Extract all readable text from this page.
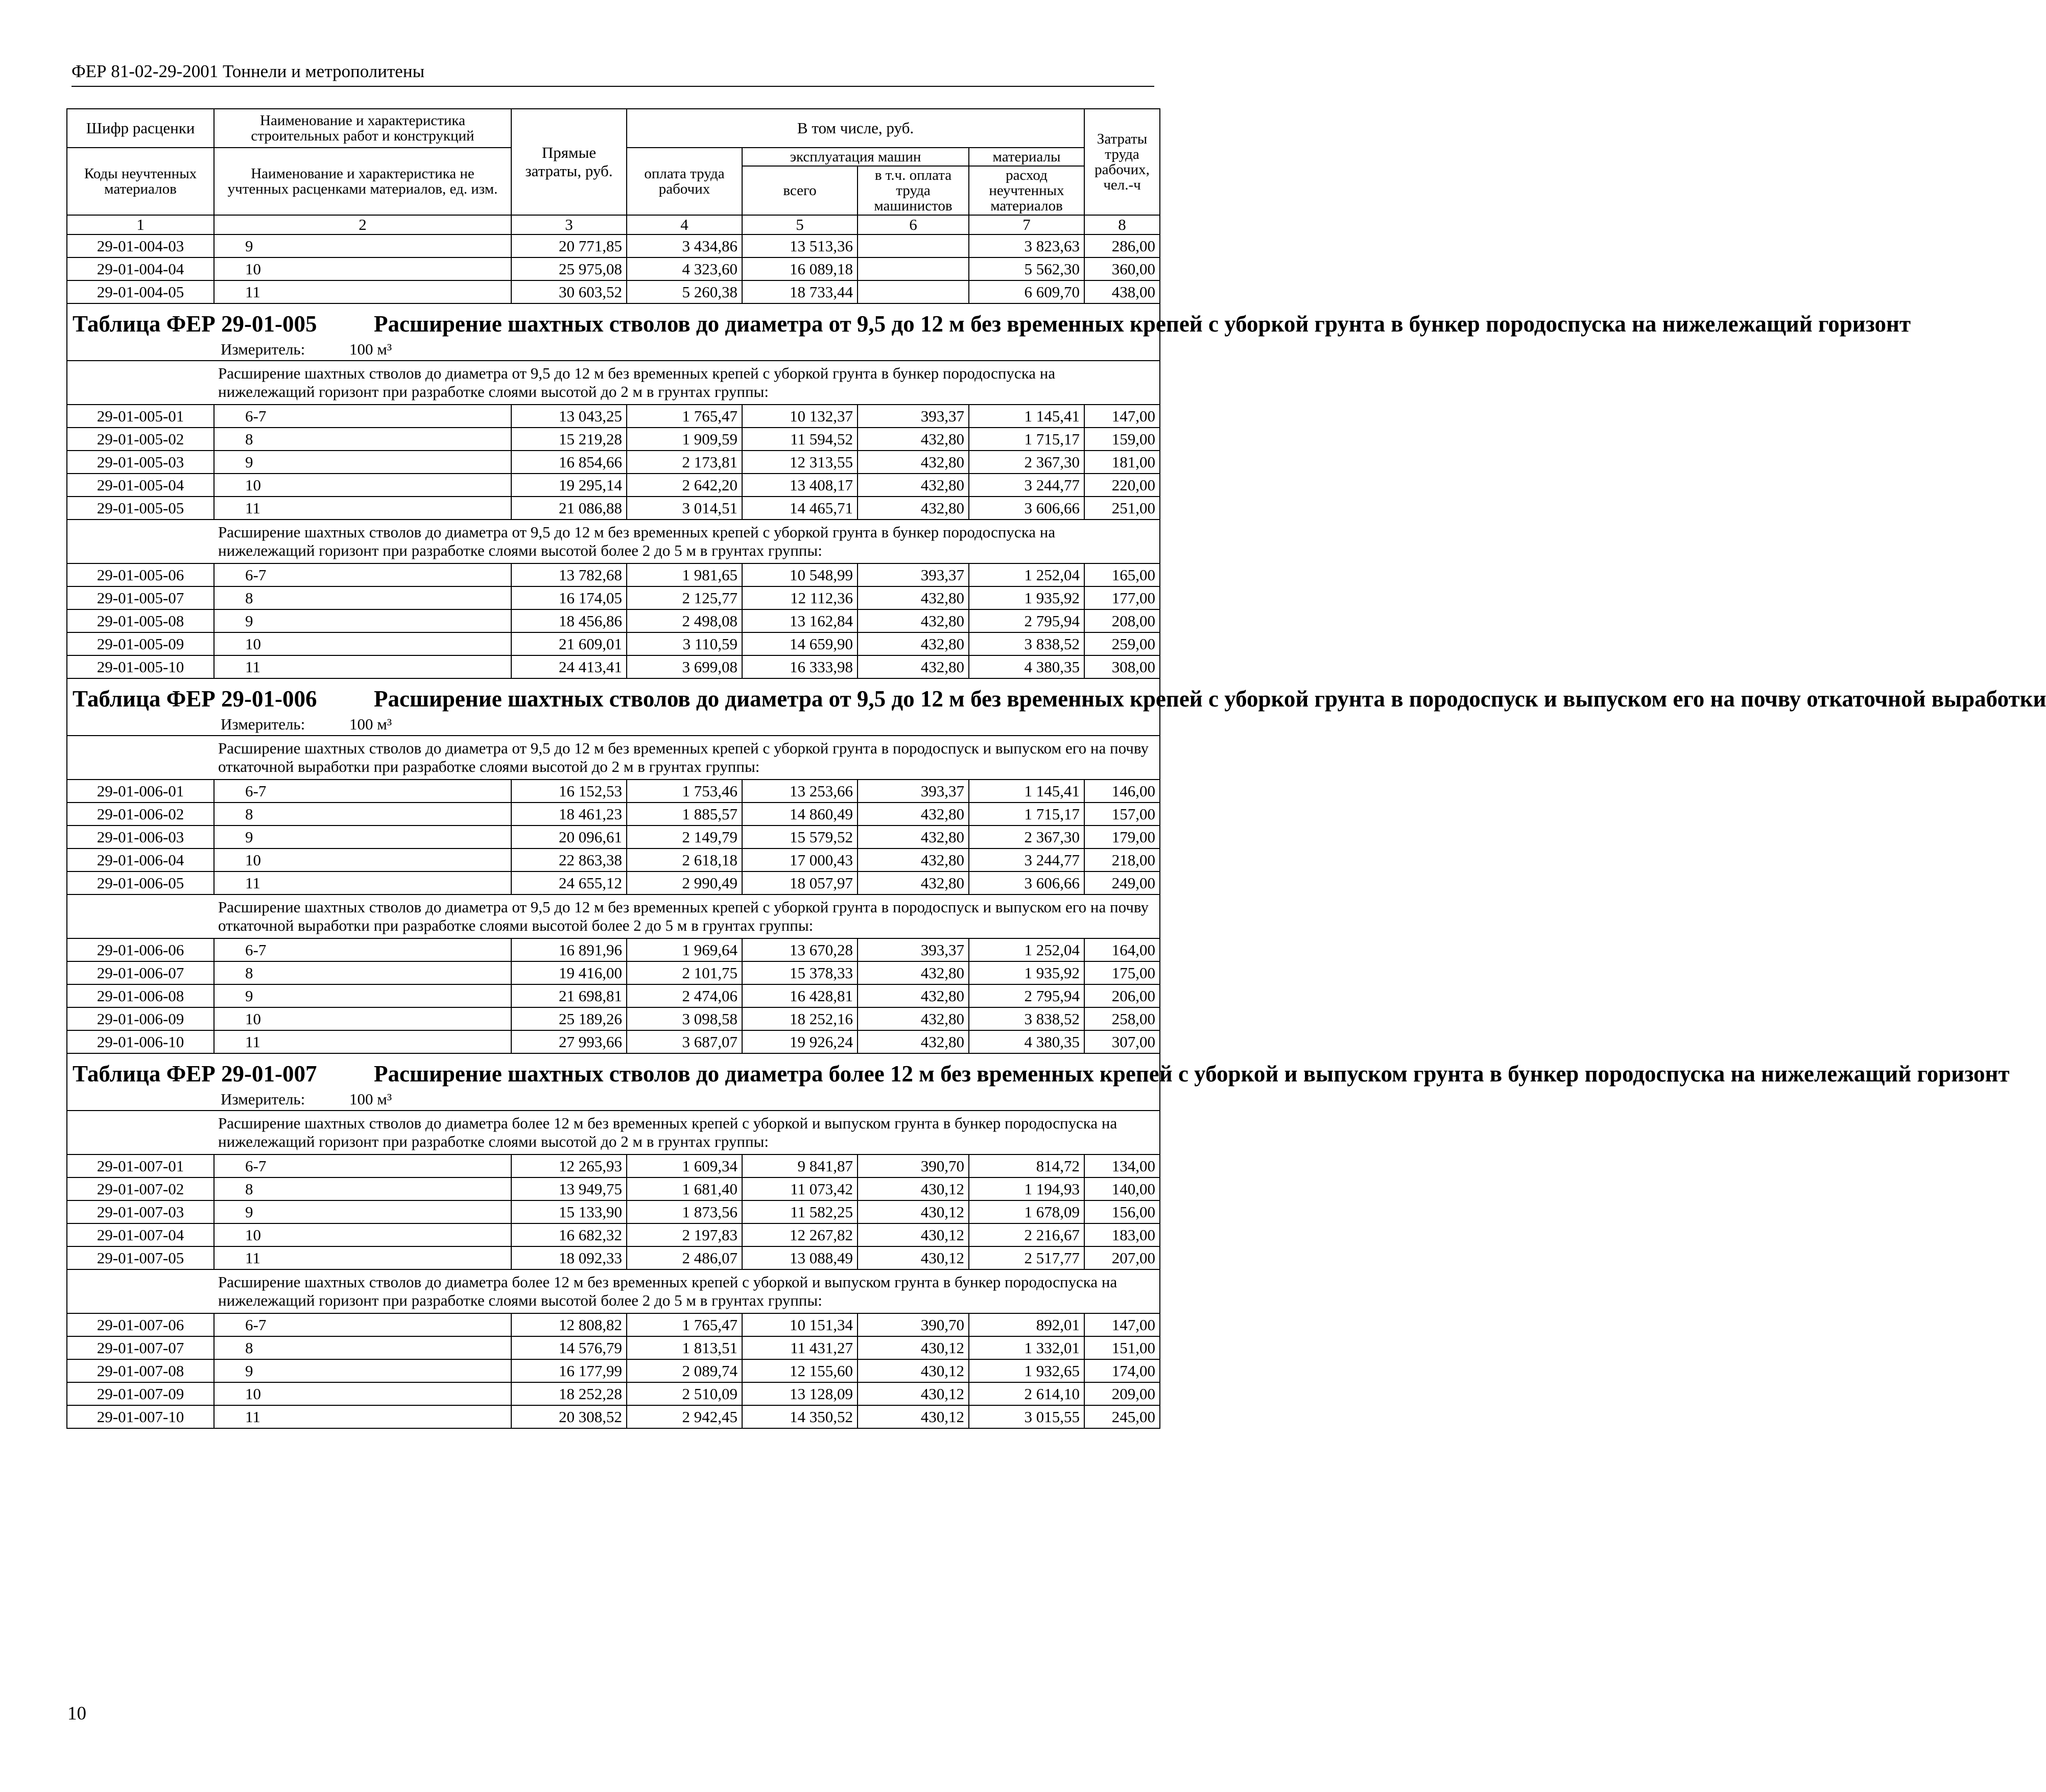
ФЕР 81-02-29-2001 Тоннели и метрополитены
Шифр расценки	Наименование и характеристика строительных работ и конструкций	Прямые затраты, руб.	В том числе, руб.				Затраты труда рабочих, чел.-ч
Коды неучтенных материалов	Наименование и характеристика не учтенных расценками материалов, ед. изм.		оплата труда рабочих	эксплуатация машин		материалы	
				всего	в т.ч. оплата труда машинистов	расход неучтенных материалов	
1	2	3	4	5	6	7	8
29-01-004-03	9	20 771,85	3 434,86	13 513,36		3 823,63	286,00
29-01-004-04	10	25 975,08	4 323,60	16 089,18		5 562,30	360,00
29-01-004-05	11	30 603,52	5 260,38	18 733,44		6 609,70	438,00

Таблица ФЕР 29-01-005 Расширение шахтных стволов до диаметра от 9,5 до 12 м без временных крепей с уборкой грунта в бункер породоспуска на нижележащий горизонт							

Измеритель: 100 м³							
	Расширение шахтных стволов до диаметра от 9,5 до 12 м без временных крепей с уборкой грунта в бункер породоспуска на нижележащий горизонт при разработке слоями высотой до 2 м в грунтах группы:						
29-01-005-01	6-7	13 043,25	1 765,47	10 132,37	393,37	1 145,41	147,00
29-01-005-02	8	15 219,28	1 909,59	11 594,52	432,80	1 715,17	159,00
29-01-005-03	9	16 854,66	2 173,81	12 313,55	432,80	2 367,30	181,00
29-01-005-04	10	19 295,14	2 642,20	13 408,17	432,80	3 244,77	220,00
29-01-005-05	11	21 086,88	3 014,51	14 465,71	432,80	3 606,66	251,00
	Расширение шахтных стволов до диаметра от 9,5 до 12 м без временных крепей с уборкой грунта в бункер породоспуска на нижележащий горизонт при разработке слоями высотой более 2 до 5 м в грунтах группы:						
29-01-005-06	6-7	13 782,68	1 981,65	10 548,99	393,37	1 252,04	165,00
29-01-005-07	8	16 174,05	2 125,77	12 112,36	432,80	1 935,92	177,00
29-01-005-08	9	18 456,86	2 498,08	13 162,84	432,80	2 795,94	208,00
29-01-005-09	10	21 609,01	3 110,59	14 659,90	432,80	3 838,52	259,00
29-01-005-10	11	24 413,41	3 699,08	16 333,98	432,80	4 380,35	308,00

Таблица ФЕР 29-01-006 Расширение шахтных стволов до диаметра от 9,5 до 12 м без временных крепей с уборкой грунта в породоспуск и выпуском его на почву откаточной выработки							

Измеритель: 100 м³							
	Расширение шахтных стволов до диаметра от 9,5 до 12 м без временных крепей с уборкой грунта в породоспуск и выпуском его на почву откаточной выработки при разработке слоями высотой до 2 м в грунтах группы:						
29-01-006-01	6-7	16 152,53	1 753,46	13 253,66	393,37	1 145,41	146,00
29-01-006-02	8	18 461,23	1 885,57	14 860,49	432,80	1 715,17	157,00
29-01-006-03	9	20 096,61	2 149,79	15 579,52	432,80	2 367,30	179,00
29-01-006-04	10	22 863,38	2 618,18	17 000,43	432,80	3 244,77	218,00
29-01-006-05	11	24 655,12	2 990,49	18 057,97	432,80	3 606,66	249,00
	Расширение шахтных стволов до диаметра от 9,5 до 12 м без временных крепей с уборкой грунта в породоспуск и выпуском его на почву откаточной выработки при разработке слоями высотой более 2 до 5 м в грунтах группы:						
29-01-006-06	6-7	16 891,96	1 969,64	13 670,28	393,37	1 252,04	164,00
29-01-006-07	8	19 416,00	2 101,75	15 378,33	432,80	1 935,92	175,00
29-01-006-08	9	21 698,81	2 474,06	16 428,81	432,80	2 795,94	206,00
29-01-006-09	10	25 189,26	3 098,58	18 252,16	432,80	3 838,52	258,00
29-01-006-10	11	27 993,66	3 687,07	19 926,24	432,80	4 380,35	307,00

Таблица ФЕР 29-01-007 Расширение шахтных стволов до диаметра более 12 м без временных крепей с уборкой и выпуском грунта в бункер породоспуска на нижележащий горизонт							

Измеритель: 100 м³							
	Расширение шахтных стволов до диаметра более 12 м без временных крепей с уборкой и выпуском грунта в бункер породоспуска на нижележащий горизонт при разработке слоями высотой до 2 м в грунтах группы:						
29-01-007-01	6-7	12 265,93	1 609,34	9 841,87	390,70	814,72	134,00
29-01-007-02	8	13 949,75	1 681,40	11 073,42	430,12	1 194,93	140,00
29-01-007-03	9	15 133,90	1 873,56	11 582,25	430,12	1 678,09	156,00
29-01-007-04	10	16 682,32	2 197,83	12 267,82	430,12	2 216,67	183,00
29-01-007-05	11	18 092,33	2 486,07	13 088,49	430,12	2 517,77	207,00
	Расширение шахтных стволов до диаметра более 12 м без временных крепей с уборкой и выпуском грунта в бункер породоспуска на нижележащий горизонт при разработке слоями высотой более 2 до 5 м в грунтах группы:						
29-01-007-06	6-7	12 808,82	1 765,47	10 151,34	390,70	892,01	147,00
29-01-007-07	8	14 576,79	1 813,51	11 431,27	430,12	1 332,01	151,00
29-01-007-08	9	16 177,99	2 089,74	12 155,60	430,12	1 932,65	174,00
29-01-007-09	10	18 252,28	2 510,09	13 128,09	430,12	2 614,10	209,00
29-01-007-10	11	20 308,52	2 942,45	14 350,52	430,12	3 015,55	245,00
10
